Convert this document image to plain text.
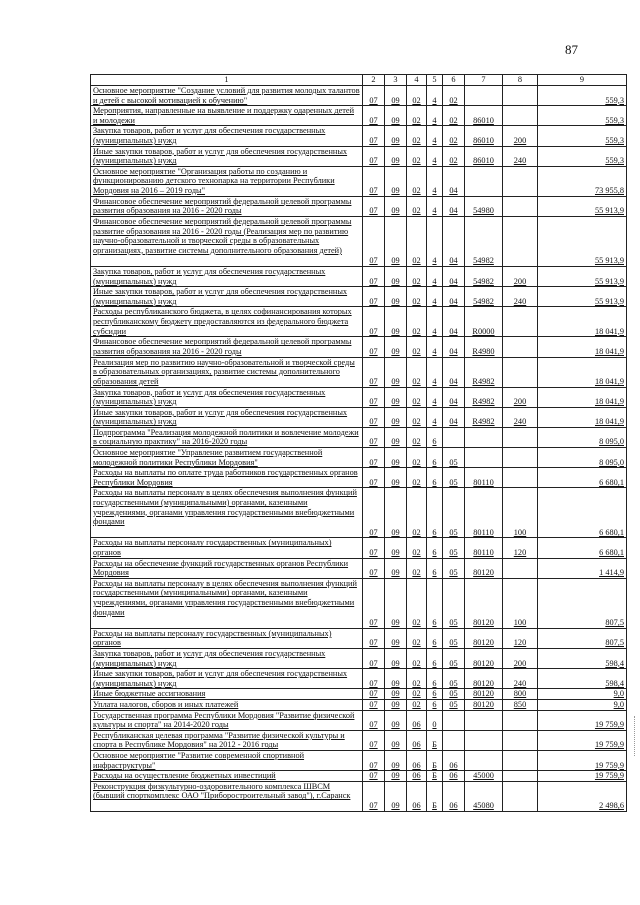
87
1	2	3	4	5	6	7	8	9
Основное мероприятие "Создание условий для развития молодых талантов и детей с высокой мотивацией к обучению"	07	09	02	4	02			559,3
Мероприятия, направленные на выявление и поддержку одаренных детей и молодежи	07	09	02	4	02	86010		559,3
Закупка товаров, работ и услуг для обеспечения государственных (муниципальных) нужд	07	09	02	4	02	86010	200	559,3
Иные закупки товаров, работ и услуг для обеспечения государственных (муниципальных) нужд	07	09	02	4	02	86010	240	559,3
Основное мероприятие "Организация работы по созданию и функционированию детского технопарка на территории Республики Мордовия на 2016 – 2019 годы"	07	09	02	4	04			73 955,8
Финансовое обеспечение мероприятий федеральной целевой программы развития образования на 2016 - 2020 годы	07	09	02	4	04	54980		55 913,9
Финансовое обеспечение мероприятий федеральной целевой программы развитие образования на 2016 - 2020 годы (Реализация мер по развитию научно-образовательной и творческой среды в образовательных организациях, развитие системы дополнительного образования детей)	07	09	02	4	04	54982		55 913,9
Закупка товаров, работ и услуг для обеспечения государственных (муниципальных) нужд	07	09	02	4	04	54982	200	55 913,9
Иные закупки товаров, работ и услуг для обеспечения государственных (муниципальных) нужд	07	09	02	4	04	54982	240	55 913,9
Расходы республиканского бюджета, в целях софинансирования которых республиканскому бюджету предоставляются из федерального бюджета субсидии	07	09	02	4	04	R0000		18 041,9
Финансовое обеспечение мероприятий федеральной целевой программы развития образования на 2016 - 2020 годы	07	09	02	4	04	R4980		18 041,9
Реализация мер по развитию научно-образовательной и творческой среды в образовательных организациях, развитие системы дополнительного образования детей	07	09	02	4	04	R4982		18 041,9
Закупка товаров, работ и услуг для обеспечения государственных (муниципальных) нужд	07	09	02	4	04	R4982	200	18 041,9
Иные закупки товаров, работ и услуг для обеспечения государственных (муниципальных) нужд	07	09	02	4	04	R4982	240	18 041,9
Подпрограмма "Реализация молодежной политики и вовлечение молодежи в социальную практику" на 2016-2020 годы	07	09	02	6				8 095,0
Основное мероприятие "Управление развитием государственной молодежной политики Республики Мордовия"	07	09	02	6	05			8 095,0
Расходы на выплаты по оплате труда работников государственных органов Республики Мордовия	07	09	02	6	05	80110		6 680,1
Расходы на выплаты персоналу в целях обеспечения выполнения функций государственными (муниципальными) органами, казенными учреждениями, органами управления государственными внебюджетными фондами	07	09	02	6	05	80110	100	6 680,1
Расходы на выплаты персоналу государственных (муниципальных) органов	07	09	02	6	05	80110	120	6 680,1
Расходы на обеспечение функций государственных органов Республики Мордовия	07	09	02	6	05	80120		1 414,9
Расходы на выплаты персоналу в целях обеспечения выполнения функций государственными (муниципальными) органами, казенными учреждениями, органами управления государственными внебюджетными фондами	07	09	02	6	05	80120	100	807,5
Расходы на выплаты персоналу государственных (муниципальных) органов	07	09	02	6	05	80120	120	807,5
Закупка товаров, работ и услуг для обеспечения государственных (муниципальных) нужд	07	09	02	6	05	80120	200	598,4
Иные закупки товаров, работ и услуг для обеспечения государственных (муниципальных) нужд	07	09	02	6	05	80120	240	598,4
Иные бюджетные ассигнования	07	09	02	6	05	80120	800	9,0
Уплата налогов, сборов и иных платежей	07	09	02	6	05	80120	850	9,0
Государственная программа Республики Мордовия "Развитие физической культуры и спорта" на 2014-2020 годы	07	09	06	0				19 759,9
Республиканская целевая программа "Развитие физической культуры и спорта в Республике Мордовия" на 2012 - 2016 годы	07	09	06	Б				19 759,9
Основное мероприятие "Развитие современной спортивной инфраструктуры"	07	09	06	Б	06			19 759,9
Расходы на осуществление бюджетных инвестиций	07	09	06	Б	06	45000		19 759,9
Реконструкция физкультурно-оздоровительного комплекса ШВСМ (бывший спорткомплекс ОАО "Приборостроительный завод"), г.Саранск	07	09	06	Б	06	45080		2 498,6
